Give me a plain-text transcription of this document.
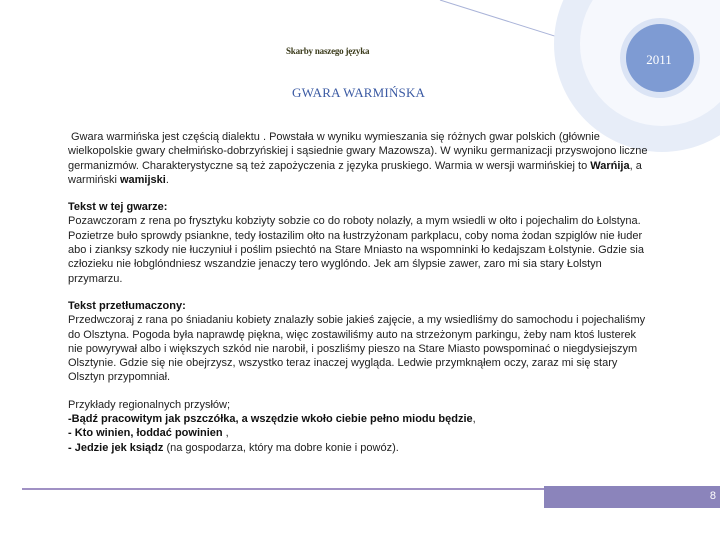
Skarby naszego języka
2011
GWARA WARMIŃSKA

Gwara warmińska jest częścią dialektu . Powstała w wyniku wymieszania się różnych gwar polskich (głównie wielkopolskie gwary chełmińsko-dobrzyńskiej i sąsiednie gwary Mazowsza). W wyniku germanizacji przyswojono liczne germanizmów. Charakterystyczne są też zapożyczenia z języka pruskiego. Warmia w wersji warmińskiej to Warńija, a warmiński wamijski.

Tekst w tej gwarze:

Pozawczoram z rena po frysztyku kobziyty sobzie co do roboty nolazły, a mym wsiedli w ołto i pojechalim do Łolstyna. Pozietrze buło sprowdy psiankne, tedy łostazilim ołto na łustrzyżonam parkplacu, coby noma żodan szpiglów nie łuder abo i zianksy szkody nie łuczyniuł i poślim psiechtó na Stare Mniasto na wspomninki ło kedajszam Łolstynie. Gdzie sia człozieku nie łobglóndniesz wszandzie jenaczy tero wyglóndo. Jek am ślypsie zawer, zaro mi sia stary Łolstyn przymarzu.

Tekst przetłumaczony:

Przedwczoraj z rana po śniadaniu kobiety znalazły sobie jakieś zajęcie, a my wsiedliśmy do samochodu i pojechaliśmy do Olsztyna. Pogoda była naprawdę piękna, więc zostawiliśmy auto na strzeżonym parkingu, żeby nam ktoś lusterek nie powyrywał albo i większych szkód nie narobił, i poszliśmy pieszo na Stare Miasto powspominać o niegdysiejszym Olsztynie. Gdzie się nie obejrzysz, wszystko teraz inaczej wygląda. Ledwie przymknąłem oczy, zaraz mi się stary Olsztyn przypomniał.

Przykłady regionalnych przysłów;

-Bądź pracowitym jak pszczółka, a wszędzie wkoło ciebie pełno miodu będzie,

- Kto winien, łoddać powinien ,

- Jedzie jek ksiądz (na gospodarza, który ma dobre konie i powóz).

8
